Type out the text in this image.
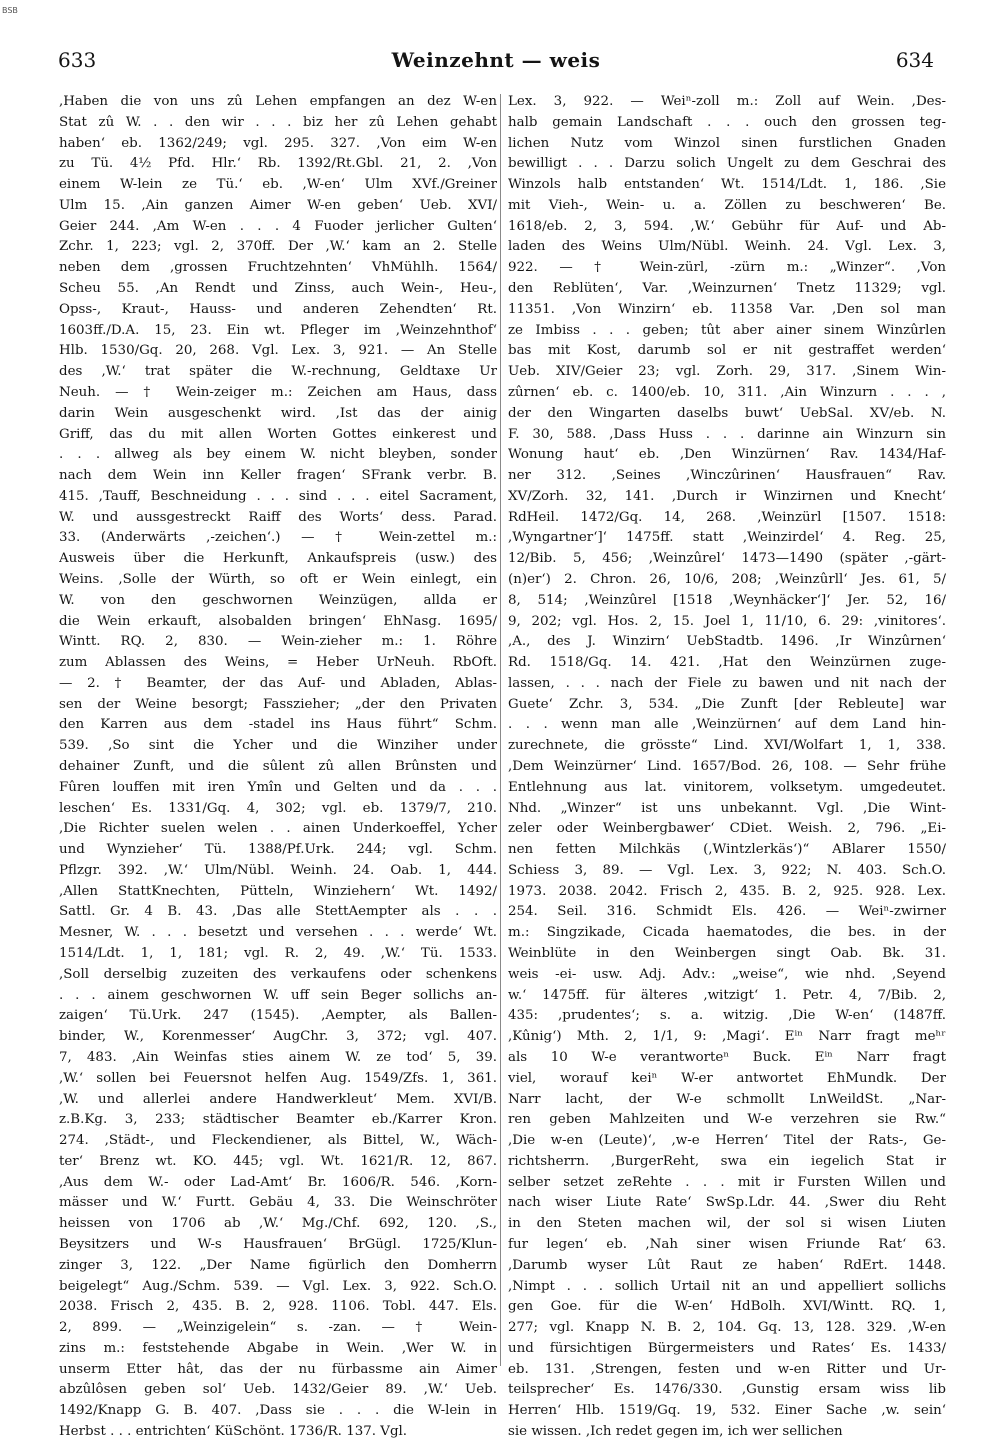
BSB
633	Weinzehnt — weis	634
,Haben die von uns zû Lehen empfangen an dez W-en
Stat zû W. . . den wir . . . biz her zû Lehen gehabt
haben‘ eb. 1362/249; vgl. 295. 327. ,Von eim W-en
zu Tü. 4½ Pfd. Hlr.‘ Rb. 1392/Rt.Gbl. 21, 2. ,Von
einem W-lein ze Tü.‘ eb. ,W-en‘ Ulm XVf./Greiner
Ulm 15. ,Ain ganzen Aimer W-en geben‘ Ueb. XVI/
Geier 244. ,Am W-en . . . 4 Fuoder jerlicher Gulten‘
Zchr. 1, 223; vgl. 2, 370ff. Der ,W.‘ kam an 2. Stelle
neben dem ,grossen Fruchtzehnten‘ VhMühlh. 1564/
Scheu 55. ,An Rendt und Zinss, auch Wein-, Heu-,
Opss-, Kraut-, Hauss- und anderen Zehendten‘ Rt.
1603ff./D.A. 15, 23. Ein wt. Pfleger im ,Weinzehnthof‘
Hlb. 1530/Gq. 20, 268. Vgl. Lex. 3, 921. — An Stelle
des ,W.‘ trat später die W.-rechnung, Geldtaxe Ur
Neuh. — † Wein-zeiger m.: Zeichen am Haus, dass
darin Wein ausgeschenkt wird. ,Ist das der ainig
Griff, das du mit allen Worten Gottes einkerest und
. . . allweg als bey einem W. nicht bleyben, sonder
nach dem Wein inn Keller fragen‘ SFrank verbr. B.
415. ,Tauff, Beschneidung . . . sind . . . eitel Sacrament,
W. und aussgestreckt Raiff des Worts‘ dess. Parad.
33. (Anderwärts ,-zeichen‘.) — † Wein-zettel m.:
Ausweis über die Herkunft, Ankaufspreis (usw.) des
Weins. ,Solle der Würth, so oft er Wein einlegt, ein
W. von den geschwornen Weinzügen, allda er
die Wein erkauft, alsobalden bringen‘ EhNasg. 1695/
Wintt. RQ. 2, 830. — Wein-zieher m.: 1. Röhre
zum Ablassen des Weins, = Heber UrNeuh. RbOft.
— 2. † Beamter, der das Auf- und Abladen, Ablas-
sen der Weine besorgt; Fasszieher; „der den Privaten
den Karren aus dem -stadel ins Haus führt“ Schm.
539. ,So sint die Ycher und die Winziher under
dehainer Zunft, und die sûlent zû allen Brûnsten und
Fûren louffen mit iren Ymîn und Gelten und da . . .
leschen‘ Es. 1331/Gq. 4, 302; vgl. eb. 1379/7, 210.
,Die Richter suelen welen . . ainen Underkoeffel, Ycher
und Wynzieher‘ Tü. 1388/Pf.Urk. 244; vgl. Schm.
Pflzgr. 392. ,W.‘ Ulm/Nübl. Weinh. 24. Oab. 1, 444.
,Allen StattKnechten, Pütteln, Winziehern‘ Wt. 1492/
Sattl. Gr. 4 B. 43. ,Das alle StettAempter als . . .
Mesner, W. . . . besetzt und versehen . . . werde‘ Wt.
1514/Ldt. 1, 1, 181; vgl. R. 2, 49. ,W.‘ Tü. 1533.
,Soll derselbig zuzeiten des verkaufens oder schenkens
. . . ainem geschwornen W. uff sein Beger sollichs an-
zaigen‘ Tü.Urk. 247 (1545). ,Aempter, als Ballen-
binder, W., Korenmesser‘ AugChr. 3, 372; vgl. 407.
7, 483. ,Ain Weinfas sties ainem W. ze tod‘ 5, 39.
,W.‘ sollen bei Feuersnot helfen Aug. 1549/Zfs. 1, 361.
,W. und allerlei andere Handwerkleut‘ Mem. XVI/B.
z.B.Kg. 3, 233; städtischer Beamter eb./Karrer Kron.
274. ,Städt-, und Fleckendiener, als Bittel, W., Wäch-
ter‘ Brenz wt. KO. 445; vgl. Wt. 1621/R. 12, 867.
,Aus dem W.- oder Lad-Amt‘ Br. 1606/R. 546. ,Korn-
mässer und W.‘ Furtt. Gebäu 4, 33. Die Weinschröter
heissen von 1706 ab ,W.‘ Mg./Chf. 692, 120. ,S.,
Beysitzers und W-s Hausfrauen‘ BrGügl. 1725/Klun-
zinger 3, 122. „Der Name figürlich den Domherrn
beigelegt“ Aug./Schm. 539. — Vgl. Lex. 3, 922. Sch.O.
2038. Frisch 2, 435. B. 2, 928. 1106. Tobl. 447. Els.
2, 899. — „Weinzigelein“ s. -zan. — † Wein-
zins m.: feststehende Abgabe in Wein. ,Wer W. in
unserm Etter hât, das der nu fürbassme ain Aimer
abzûlôsen geben sol‘ Ueb. 1432/Geier 89. ,W.‘ Ueb.
1492/Knapp G. B. 407. ,Dass sie . . . die W-lein in
Herbst . . . entrichten‘ KüSchönt. 1736/R. 137. Vgl.
Lex. 3, 922. — Weiⁿ-zoll m.: Zoll auf Wein. ,Des-
halb gemain Landschaft . . . ouch den grossen teg-
lichen Nutz vom Winzol sinen furstlichen Gnaden
bewilligt . . . Darzu solich Ungelt zu dem Geschrai des
Winzols halb entstanden‘ Wt. 1514/Ldt. 1, 186. ,Sie
mit Vieh-, Wein- u. a. Zöllen zu beschweren‘ Be.
1618/eb. 2, 3, 594. ,W.‘ Gebühr für Auf- und Ab-
laden des Weins Ulm/Nübl. Weinh. 24. Vgl. Lex. 3,
922. — † Wein-zürl, -zürn m.: „Winzer“. ,Von
den Reblüten‘, Var. ,Weinzurnen‘ Tnetz 11329; vgl.
11351. ,Von Winzirn‘ eb. 11358 Var. ,Den sol man
ze Imbiss . . . geben; tût aber ainer sinem Winzûrlen
bas mit Kost, darumb sol er nit gestraffet werden‘
Ueb. XIV/Geier 23; vgl. Zorh. 29, 317. ,Sinem Win-
zûrnen‘ eb. c. 1400/eb. 10, 311. ,Ain Winzurn . . . ,
der den Wingarten daselbs buwt‘ UebSal. XV/eb. N.
F. 30, 588. ,Dass Huss . . . darinne ain Winzurn sin
Wonung haut‘ eb. ,Den Winzürnen‘ Rav. 1434/Haf-
ner 312. ,Seines ,Winczûrinen‘ Hausfrauen“ Rav.
XV/Zorh. 32, 141. ,Durch ir Winzirnen und Knecht‘
RdHeil. 1472/Gq. 14, 268. ,Weinzürl [1507. 1518:
,Wyngartner‘]‘ 1475ff. statt ,Weinzirdel‘ 4. Reg. 25,
12/Bib. 5, 456; ,Weinzûrel‘ 1473—1490 (später ,-gärt-
(n)er‘) 2. Chron. 26, 10/6, 208; ,Weinzûrll‘ Jes. 61, 5/
8, 514; ,Weinzûrel [1518 ,Weynhäcker‘]‘ Jer. 52, 16/
9, 202; vgl. Hos. 2, 15. Joel 1, 11/10, 6. 29: ,vinitores‘.
,A., des J. Winzirn‘ UebStadtb. 1496. ,Ir Winzûrnen‘
Rd. 1518/Gq. 14. 421. ,Hat den Weinzürnen zuge-
lassen, . . . nach der Fiele zu bawen und nit nach der
Guete‘ Zchr. 3, 534. „Die Zunft [der Rebleute] war
. . . wenn man alle ,Weinzürnen‘ auf dem Land hin-
zurechnete, die grösste“ Lind. XVI/Wolfart 1, 1, 338.
,Dem Weinzürner‘ Lind. 1657/Bod. 26, 108. — Sehr frühe
Entlehnung aus lat. vinitorem, volksetym. umgedeutet.
Nhd. „Winzer“ ist uns unbekannt. Vgl. ,Die Wint-
zeler oder Weinbergbawer‘ CDiet. Weish. 2, 796. „Ei-
nen fetten Milchkäs (,Wintzlerkäs‘)“ ABlarer 1550/
Schiess 3, 89. — Vgl. Lex. 3, 922; N. 403. Sch.O.
1973. 2038. 2042. Frisch 2, 435. B. 2, 925. 928. Lex.
254. Seil. 316. Schmidt Els. 426. — Weiⁿ-zwirner
m.: Singzikade, Cicada haematodes, die bes. in der
Weinblüte in den Weinbergen singt Oab. Bk. 31.
weis -ei- usw. Adj. Adv.: „weise“, wie nhd. ,Seyend
w.‘ 1475ff. für älteres ,witzigt‘ 1. Petr. 4, 7/Bib. 2,
435: ,prudentes‘; s. a. witzig. ,Die W-en‘ (1487ff.
,Kûnig‘) Mth. 2, 1/1, 9: ,Magi‘. Eⁱⁿ Narr fragt meʰʳ
als 10 W-e verantworteⁿ Buck. Eⁱⁿ Narr fragt
viel, worauf keiⁿ W-er antwortet EhMundk. Der
Narr lacht, der W-e schmollt LnWeildSt. „Nar-
ren geben Mahlzeiten und W-e verzehren sie Rw.“
,Die w-en (Leute)‘, ,w-e Herren‘ Titel der Rats-, Ge-
richtsherrn. ,BurgerReht, swa ein iegelich Stat ir
selber setzet zeRehte . . . mit ir Fursten Willen und
nach wiser Liute Rate‘ SwSp.Ldr. 44. ,Swer diu Reht
in den Steten machen wil, der sol si wisen Liuten
fur legen‘ eb. ,Nah siner wisen Friunde Rat‘ 63.
,Darumb wyser Lût Raut ze haben‘ RdErt. 1448.
,Nimpt . . . sollich Urtail nit an und appelliert sollichs
gen Goe. für die W-en‘ HdBolh. XVI/Wintt. RQ. 1,
277; vgl. Knapp N. B. 2, 104. Gq. 13, 128. 329. ,W-en
und fürsichtigen Bürgermeisters und Rates‘ Es. 1433/
eb. 131. ,Strengen, festen und w-en Ritter und Ur-
teilsprecher‘ Es. 1476/330. ,Gunstig ersam wiss lib
Herren‘ Hlb. 1519/Gq. 19, 532. Einer Sache ,w. sein‘
sie wissen. ,Ich redet gegen im, ich wer sellichen
